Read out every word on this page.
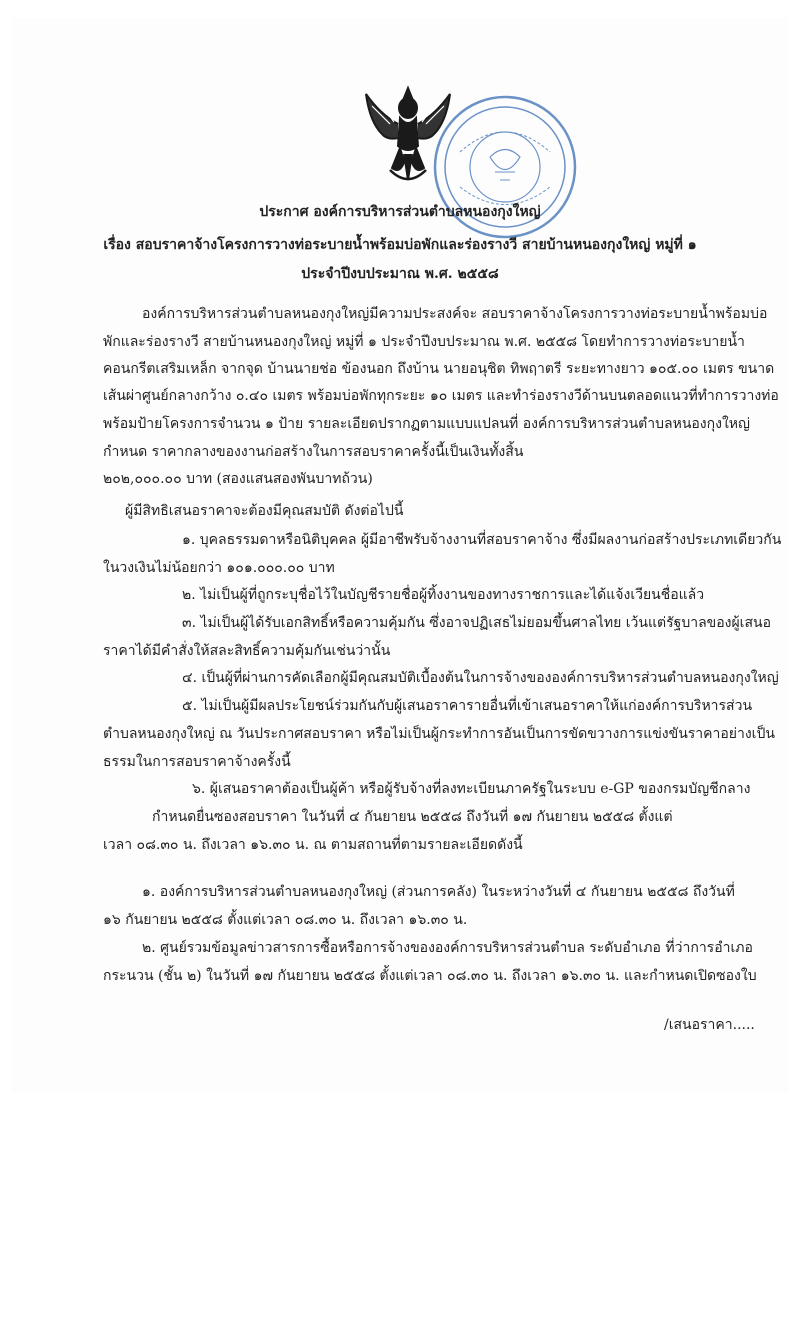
ประกาศ องค์การบริหารส่วนตำบลหนองกุงใหญ่
เรื่อง สอบราคาจ้างโครงการวางท่อระบายน้ำพร้อมบ่อพักและร่องรางวี สายบ้านหนองกุงใหญ่ หมู่ที่ ๑
ประจำปีงบประมาณ พ.ศ. ๒๕๕๘
องค์การบริหารส่วนตำบลหนองกุงใหญ่มีความประสงค์จะ สอบราคาจ้างโครงการวางท่อระบายน้ำพร้อมบ่อ
พักและร่องรางวี สายบ้านหนองกุงใหญ่ หมู่ที่ ๑ ประจำปีงบประมาณ พ.ศ. ๒๕๕๘ โดยทำการวางท่อระบายน้ำ
คอนกรีตเสริมเหล็ก จากจุด บ้านนายช่อ ข้องนอก ถึงบ้าน นายอนุชิต ทิพฤาตรี ระยะทางยาว ๑๐๕.๐๐ เมตร ขนาด
เส้นผ่าศูนย์กลางกว้าง ๐.๔๐ เมตร พร้อมบ่อพักทุกระยะ ๑๐ เมตร และทำร่องรางวีด้านบนตลอดแนวที่ทำการวางท่อ
พร้อมป้ายโครงการจำนวน ๑ ป้าย รายละเอียดปรากฏตามแบบแปลนที่ องค์การบริหารส่วนตำบลหนองกุงใหญ่
กำหนด ราคากลางของงานก่อสร้างในการสอบราคาครั้งนี้เป็นเงินทั้งสิ้น
๒๐๒,๐๐๐.๐๐ บาท (สองแสนสองพันบาทถ้วน)
ผู้มีสิทธิเสนอราคาจะต้องมีคุณสมบัติ ดังต่อไปนี้
๑. บุคลธรรมดาหรือนิติบุคคล ผู้มีอาชีพรับจ้างงานที่สอบราคาจ้าง ซึ่งมีผลงานก่อสร้างประเภทเดียวกัน
ในวงเงินไม่น้อยกว่า ๑๐๑.๐๐๐.๐๐ บาท
๒. ไม่เป็นผู้ที่ถูกระบุชื่อไว้ในบัญชีรายชื่อผู้ทิ้งงานของทางราชการและได้แจ้งเวียนชื่อแล้ว
๓. ไม่เป็นผู้ได้รับเอกสิทธิ์หรือความคุ้มกัน ซึ่งอาจปฏิเสธไม่ยอมขึ้นศาลไทย เว้นแต่รัฐบาลของผู้เสนอ
ราคาได้มีคำสั่งให้สละสิทธิ์ความคุ้มกันเช่นว่านั้น
๔. เป็นผู้ที่ผ่านการคัดเลือกผู้มีคุณสมบัติเบื้องต้นในการจ้างขององค์การบริหารส่วนตำบลหนองกุงใหญ่
๕. ไม่เป็นผู้มีผลประโยชน์ร่วมกันกับผู้เสนอราคารายอื่นที่เข้าเสนอราคาให้แก่องค์การบริหารส่วน
ตำบลหนองกุงใหญ่ ณ วันประกาศสอบราคา หรือไม่เป็นผู้กระทำการอันเป็นการขัดขวางการแข่งขันราคาอย่างเป็น
ธรรมในการสอบราคาจ้างครั้งนี้
๖. ผู้เสนอราคาต้องเป็นผู้ค้า หรือผู้รับจ้างที่ลงทะเบียนภาครัฐในระบบ e-GP ของกรมบัญชีกลาง
กำหนดยื่นซองสอบราคา ในวันที่ ๔ กันยายน ๒๕๕๘ ถึงวันที่ ๑๗ กันยายน ๒๕๕๘ ตั้งแต่
เวลา ๐๘.๓๐ น. ถึงเวลา ๑๖.๓๐ น. ณ ตามสถานที่ตามรายละเอียดดังนี้
๑. องค์การบริหารส่วนตำบลหนองกุงใหญ่ (ส่วนการคลัง) ในระหว่างวันที่ ๔ กันยายน ๒๕๕๘ ถึงวันที่
๑๖ กันยายน ๒๕๕๘ ตั้งแต่เวลา ๐๘.๓๐ น. ถึงเวลา ๑๖.๓๐ น.
๒. ศูนย์รวมข้อมูลข่าวสารการซื้อหรือการจ้างขององค์การบริหารส่วนตำบล ระดับอำเภอ ที่ว่าการอำเภอ
กระนวน (ชั้น ๒) ในวันที่ ๑๗ กันยายน ๒๕๕๘ ตั้งแต่เวลา ๐๘.๓๐ น. ถึงเวลา ๑๖.๓๐ น. และกำหนดเปิดซองใบ
/เสนอราคา.....
